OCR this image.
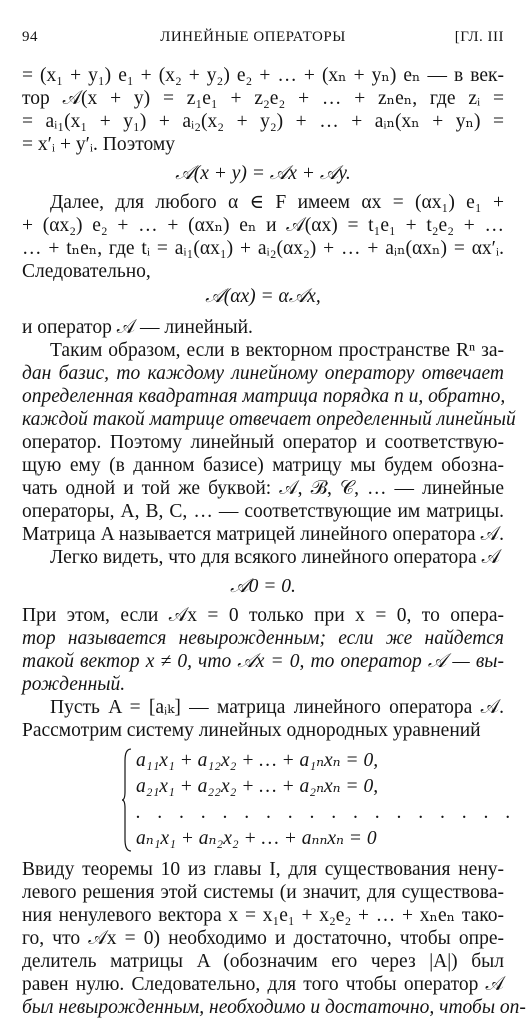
94	ЛИНЕЙНЫЕ ОПЕРАТОРЫ	[ГЛ. III

= (x₁ + y₁) e₁ + (x₂ + y₂) e₂ + … + (xₙ + yₙ) eₙ — в век-
тор 𝒜(x + y) = z₁e₁ + z₂e₂ + … + zₙeₙ, где zᵢ =
= aᵢ₁(x₁ + y₁) + aᵢ₂(x₂ + y₂) + … + aᵢₙ(xₙ + yₙ) =
= x′ᵢ + y′ᵢ. Поэтому

𝒜(x + y) = 𝒜x + 𝒜y.

Далее, для любого α ∈ F имеем αx = (αx₁) e₁ +
+ (αx₂) e₂ + … + (αxₙ) eₙ и 𝒜(αx) = t₁e₁ + t₂e₂ + …
… + tₙeₙ, где tᵢ = aᵢ₁(αx₁) + aᵢ₂(αx₂) + … + aᵢₙ(αxₙ) = αx′ᵢ.
Следовательно,

𝒜(αx) = α𝒜x,

и оператор 𝒜 — линейный.

Таким образом, если в векторном пространстве Rⁿ за-
дан базис, то каждому линейному оператору отвечает
определенная квадратная матрица порядка n и, обратно,
каждой такой матрице отвечает определенный линейный
оператор. Поэтому линейный оператор и соответствую-
щую ему (в данном базисе) матрицу мы будем обозна-
чать одной и той же буквой: 𝒜, ℬ, 𝒞, … — линейные
операторы, A, B, C, … — соответствующие им матрицы.
Матрица A называется матрицей линейного оператора 𝒜.

Легко видеть, что для всякого линейного оператора 𝒜

𝒜0 = 0.

При этом, если 𝒜x = 0 только при x = 0, то опера-
тор называется невырожденным; если же найдется
такой вектор x ≠ 0, что 𝒜x = 0, то оператор 𝒜 — вы-
рожденный.

Пусть A = [aᵢₖ] — матрица линейного оператора 𝒜.
Рассмотрим систему линейных однородных уравнений

a₁₁x₁ + a₁₂x₂ + … + a₁ₙxₙ = 0,
a₂₁x₁ + a₂₂x₂ + … + a₂ₙxₙ = 0,
. . . . . . . . . . . . . . . . . .
aₙ₁x₁ + aₙ₂x₂ + … + aₙₙxₙ = 0

Ввиду теоремы 10 из главы I, для существования ненy-
левого решения этой системы (и значит, для существова-
ния ненулевого вектора x = x₁e₁ + x₂e₂ + … + xₙeₙ тако-
го, что 𝒜x = 0) необходимо и достаточно, чтобы опре-
делитель матрицы A (обозначим его через |A|) был
равен нулю. Следовательно, для того чтобы оператор 𝒜
был невырожденным, необходимо и достаточно, чтобы оп-
